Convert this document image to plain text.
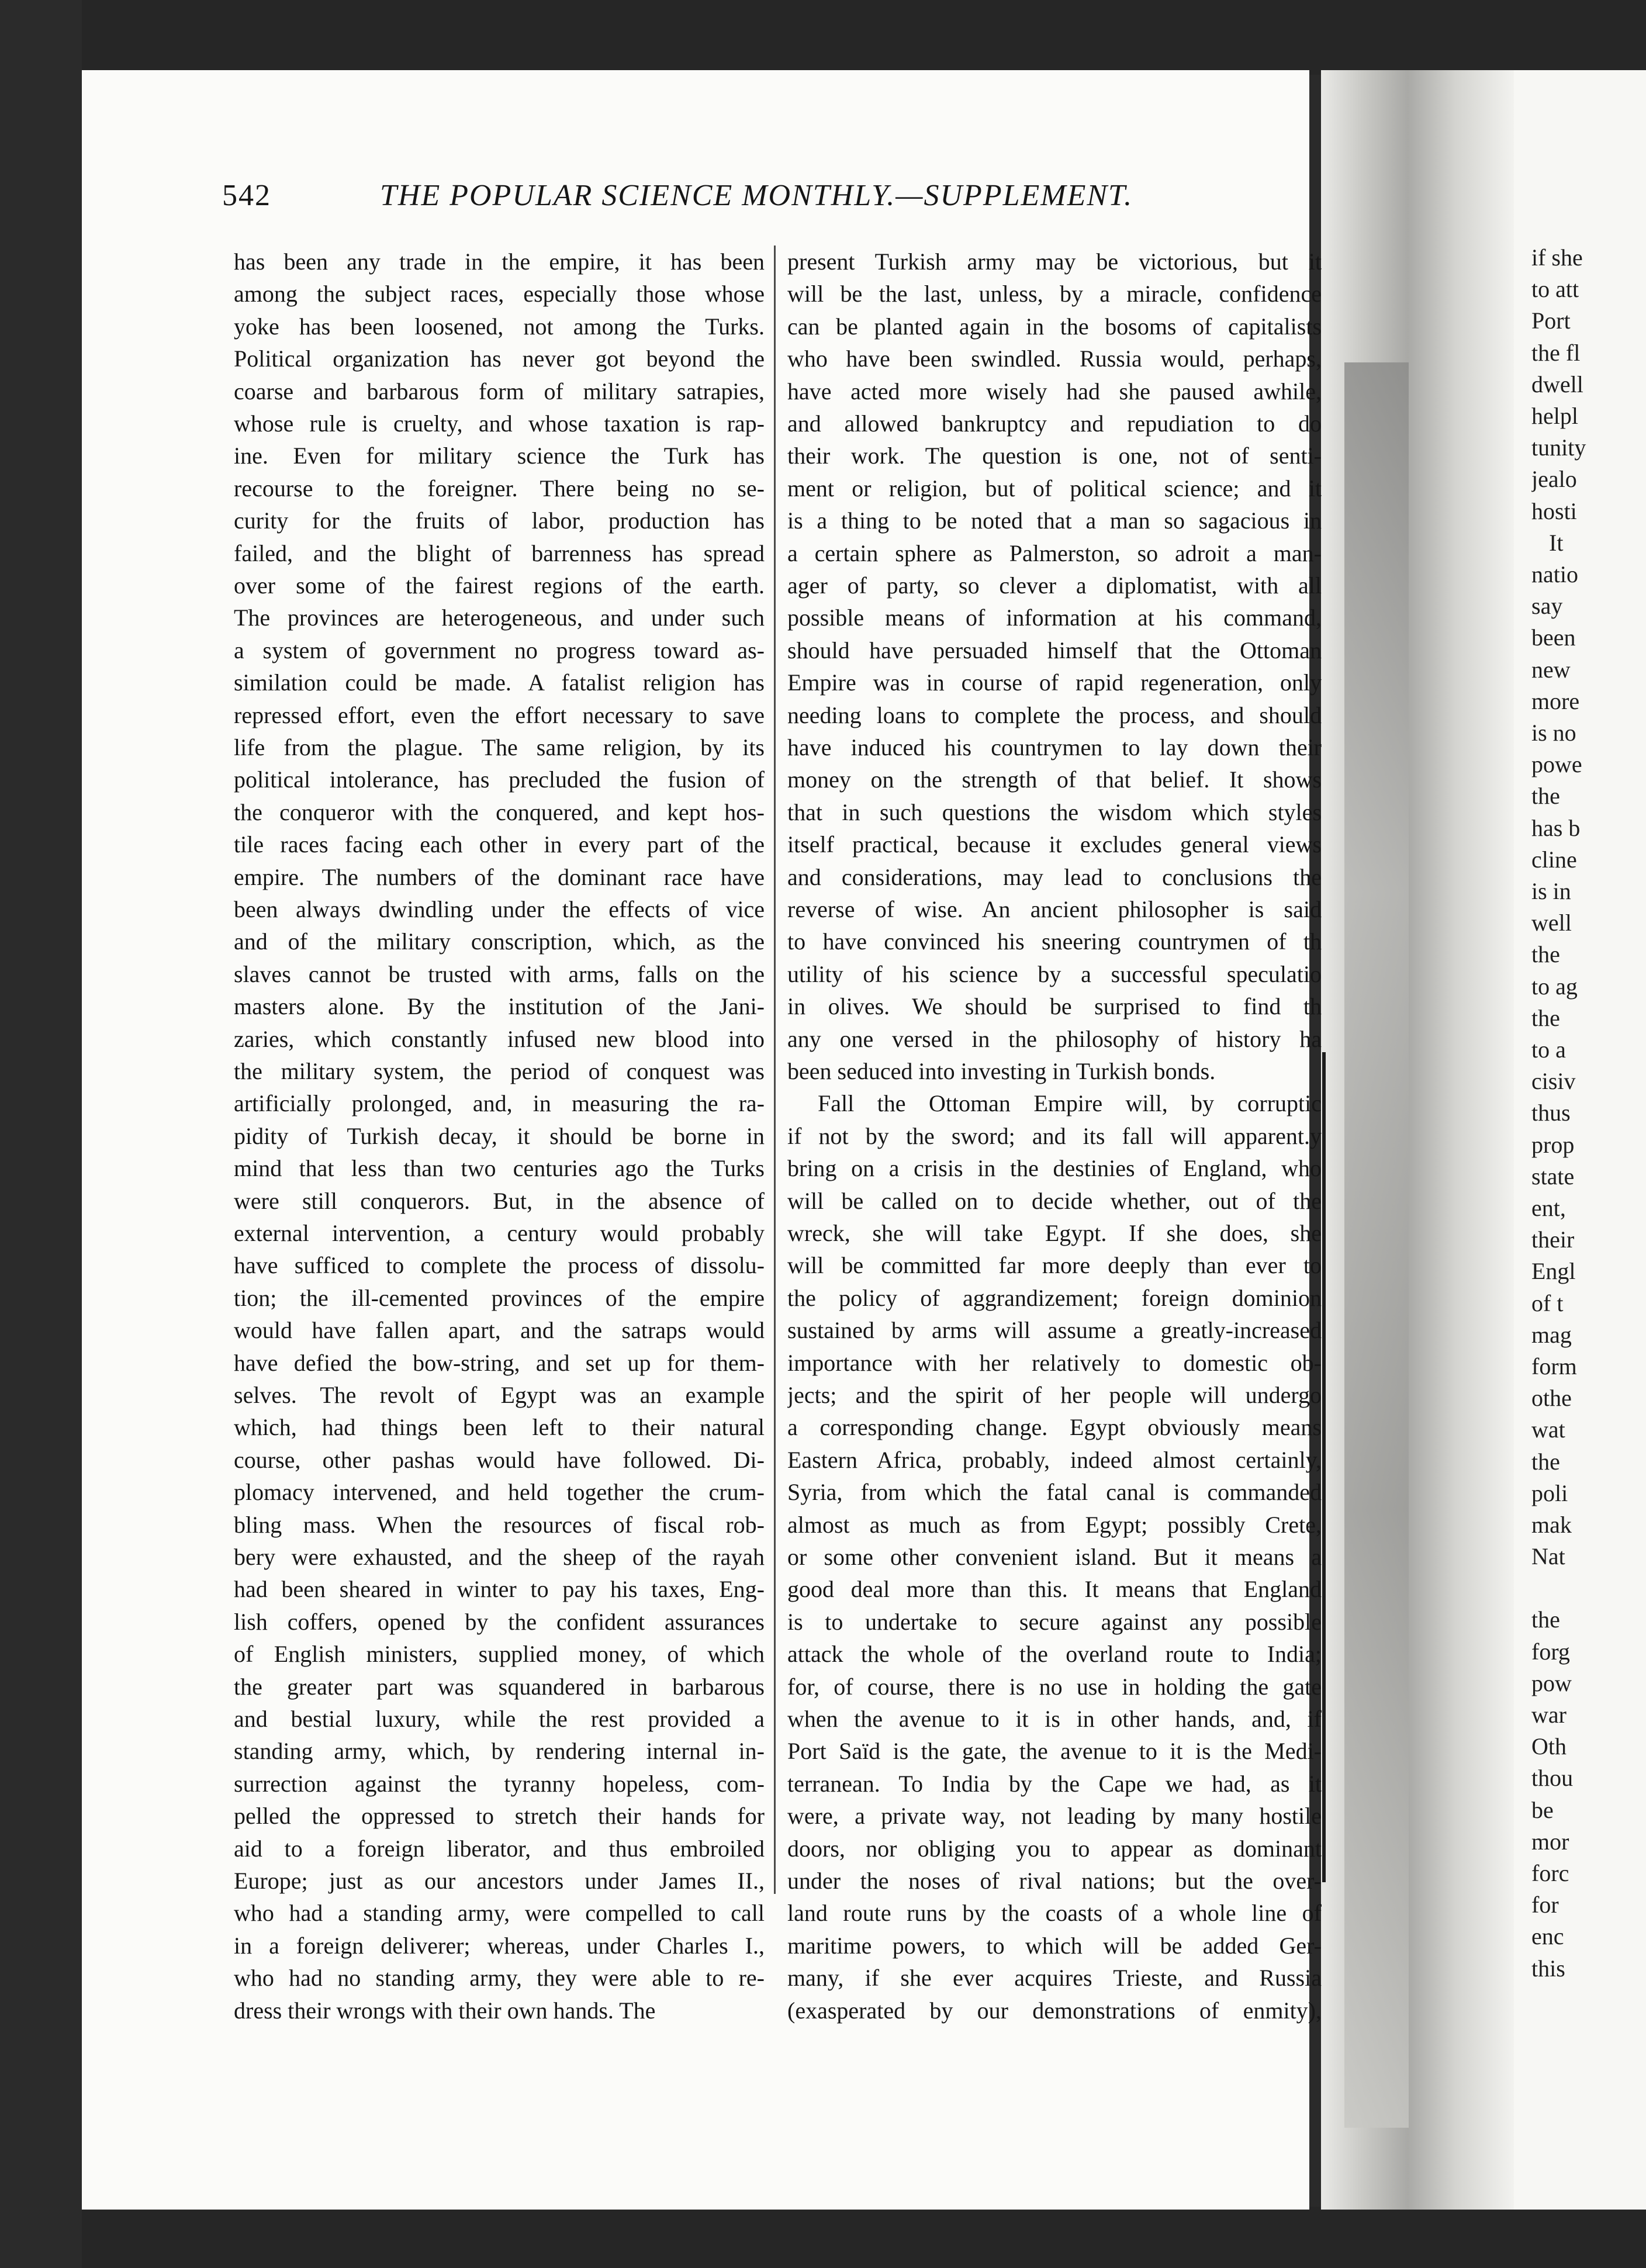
542	THE POPULAR SCIENCE MONTHLY.—SUPPLEMENT.
has been any trade in the empire, it has been
among the subject races, especially those whose
yoke has been loosened, not among the Turks.
Political organization has never got beyond the
coarse and barbarous form of military satrapies,
whose rule is cruelty, and whose taxation is rap-
ine. Even for military science the Turk has
recourse to the foreigner. There being no se-
curity for the fruits of labor, production has
failed, and the blight of barrenness has spread
over some of the fairest regions of the earth.
The provinces are heterogeneous, and under such
a system of government no progress toward as-
similation could be made. A fatalist religion has
repressed effort, even the effort necessary to save
life from the plague. The same religion, by its
political intolerance, has precluded the fusion of
the conqueror with the conquered, and kept hos-
tile races facing each other in every part of the
empire. The numbers of the dominant race have
been always dwindling under the effects of vice
and of the military conscription, which, as the
slaves cannot be trusted with arms, falls on the
masters alone. By the institution of the Jani-
zaries, which constantly infused new blood into
the military system, the period of conquest was
artificially prolonged, and, in measuring the ra-
pidity of Turkish decay, it should be borne in
mind that less than two centuries ago the Turks
were still conquerors. But, in the absence of
external intervention, a century would probably
have sufficed to complete the process of dissolu-
tion; the ill-cemented provinces of the empire
would have fallen apart, and the satraps would
have defied the bow-string, and set up for them-
selves. The revolt of Egypt was an example
which, had things been left to their natural
course, other pashas would have followed. Di-
plomacy intervened, and held together the crum-
bling mass. When the resources of fiscal rob-
bery were exhausted, and the sheep of the rayah
had been sheared in winter to pay his taxes, Eng-
lish coffers, opened by the confident assurances
of English ministers, supplied money, of which
the greater part was squandered in barbarous
and bestial luxury, while the rest provided a
standing army, which, by rendering internal in-
surrection against the tyranny hopeless, com-
pelled the oppressed to stretch their hands for
aid to a foreign liberator, and thus embroiled
Europe; just as our ancestors under James II.,
who had a standing army, were compelled to call
in a foreign deliverer; whereas, under Charles I.,
who had no standing army, they were able to re-
dress their wrongs with their own hands. The
present Turkish army may be victorious, but it
will be the last, unless, by a miracle, confidence
can be planted again in the bosoms of capitalists
who have been swindled. Russia would, perhaps,
have acted more wisely had she paused awhile,
and allowed bankruptcy and repudiation to do
their work. The question is one, not of senti-
ment or religion, but of political science; and it
is a thing to be noted that a man so sagacious in
a certain sphere as Palmerston, so adroit a man-
ager of party, so clever a diplomatist, with all
possible means of information at his command,
should have persuaded himself that the Ottoman
Empire was in course of rapid regeneration, only
needing loans to complete the process, and should
have induced his countrymen to lay down their
money on the strength of that belief. It shows
that in such questions the wisdom which styles
itself practical, because it excludes general views
and considerations, may lead to conclusions the
reverse of wise. An ancient philosopher is said
to have convinced his sneering countrymen of th
utility of his science by a successful speculatio
in olives. We should be surprised to find th
any one versed in the philosophy of history ha
been seduced into investing in Turkish bonds.
Fall the Ottoman Empire will, by corruptic
if not by the sword; and its fall will apparent.y
bring on a crisis in the destinies of England, who
will be called on to decide whether, out of the
wreck, she will take Egypt. If she does, she
will be committed far more deeply than ever to
the policy of aggrandizement; foreign dominion
sustained by arms will assume a greatly-increased
importance with her relatively to domestic ob-
jects; and the spirit of her people will undergo
a corresponding change. Egypt obviously means
Eastern Africa, probably, indeed almost certainly,
Syria, from which the fatal canal is commanded
almost as much as from Egypt; possibly Crete,
or some other convenient island. But it means a
good deal more than this. It means that England
is to undertake to secure against any possible
attack the whole of the overland route to India;
for, of course, there is no use in holding the gate
when the avenue to it is in other hands, and, if
Port Saïd is the gate, the avenue to it is the Medi-
terranean. To India by the Cape we had, as it
were, a private way, not leading by many hostile
doors, nor obliging you to appear as dominant
under the noses of rival nations; but the over-
land route runs by the coasts of a whole line of
maritime powers, to which will be added Ger-
many, if she ever acquires Trieste, and Russia
(exasperated by our demonstrations of enmity),
if she
to att
Port
the fl
dwell
helpl
tunity
jealo
hosti
It
natio
say
been
new
more
is no
powe
the
has b
cline
is in
well
the
to ag
the
to a
cisiv
thus
prop
state
ent,
their
Engl
of t
mag
form
othe
wat
the
poli
mak
Nat
the
forg
pow
war
Oth
thou
be
mor
forc
for
enc
this
